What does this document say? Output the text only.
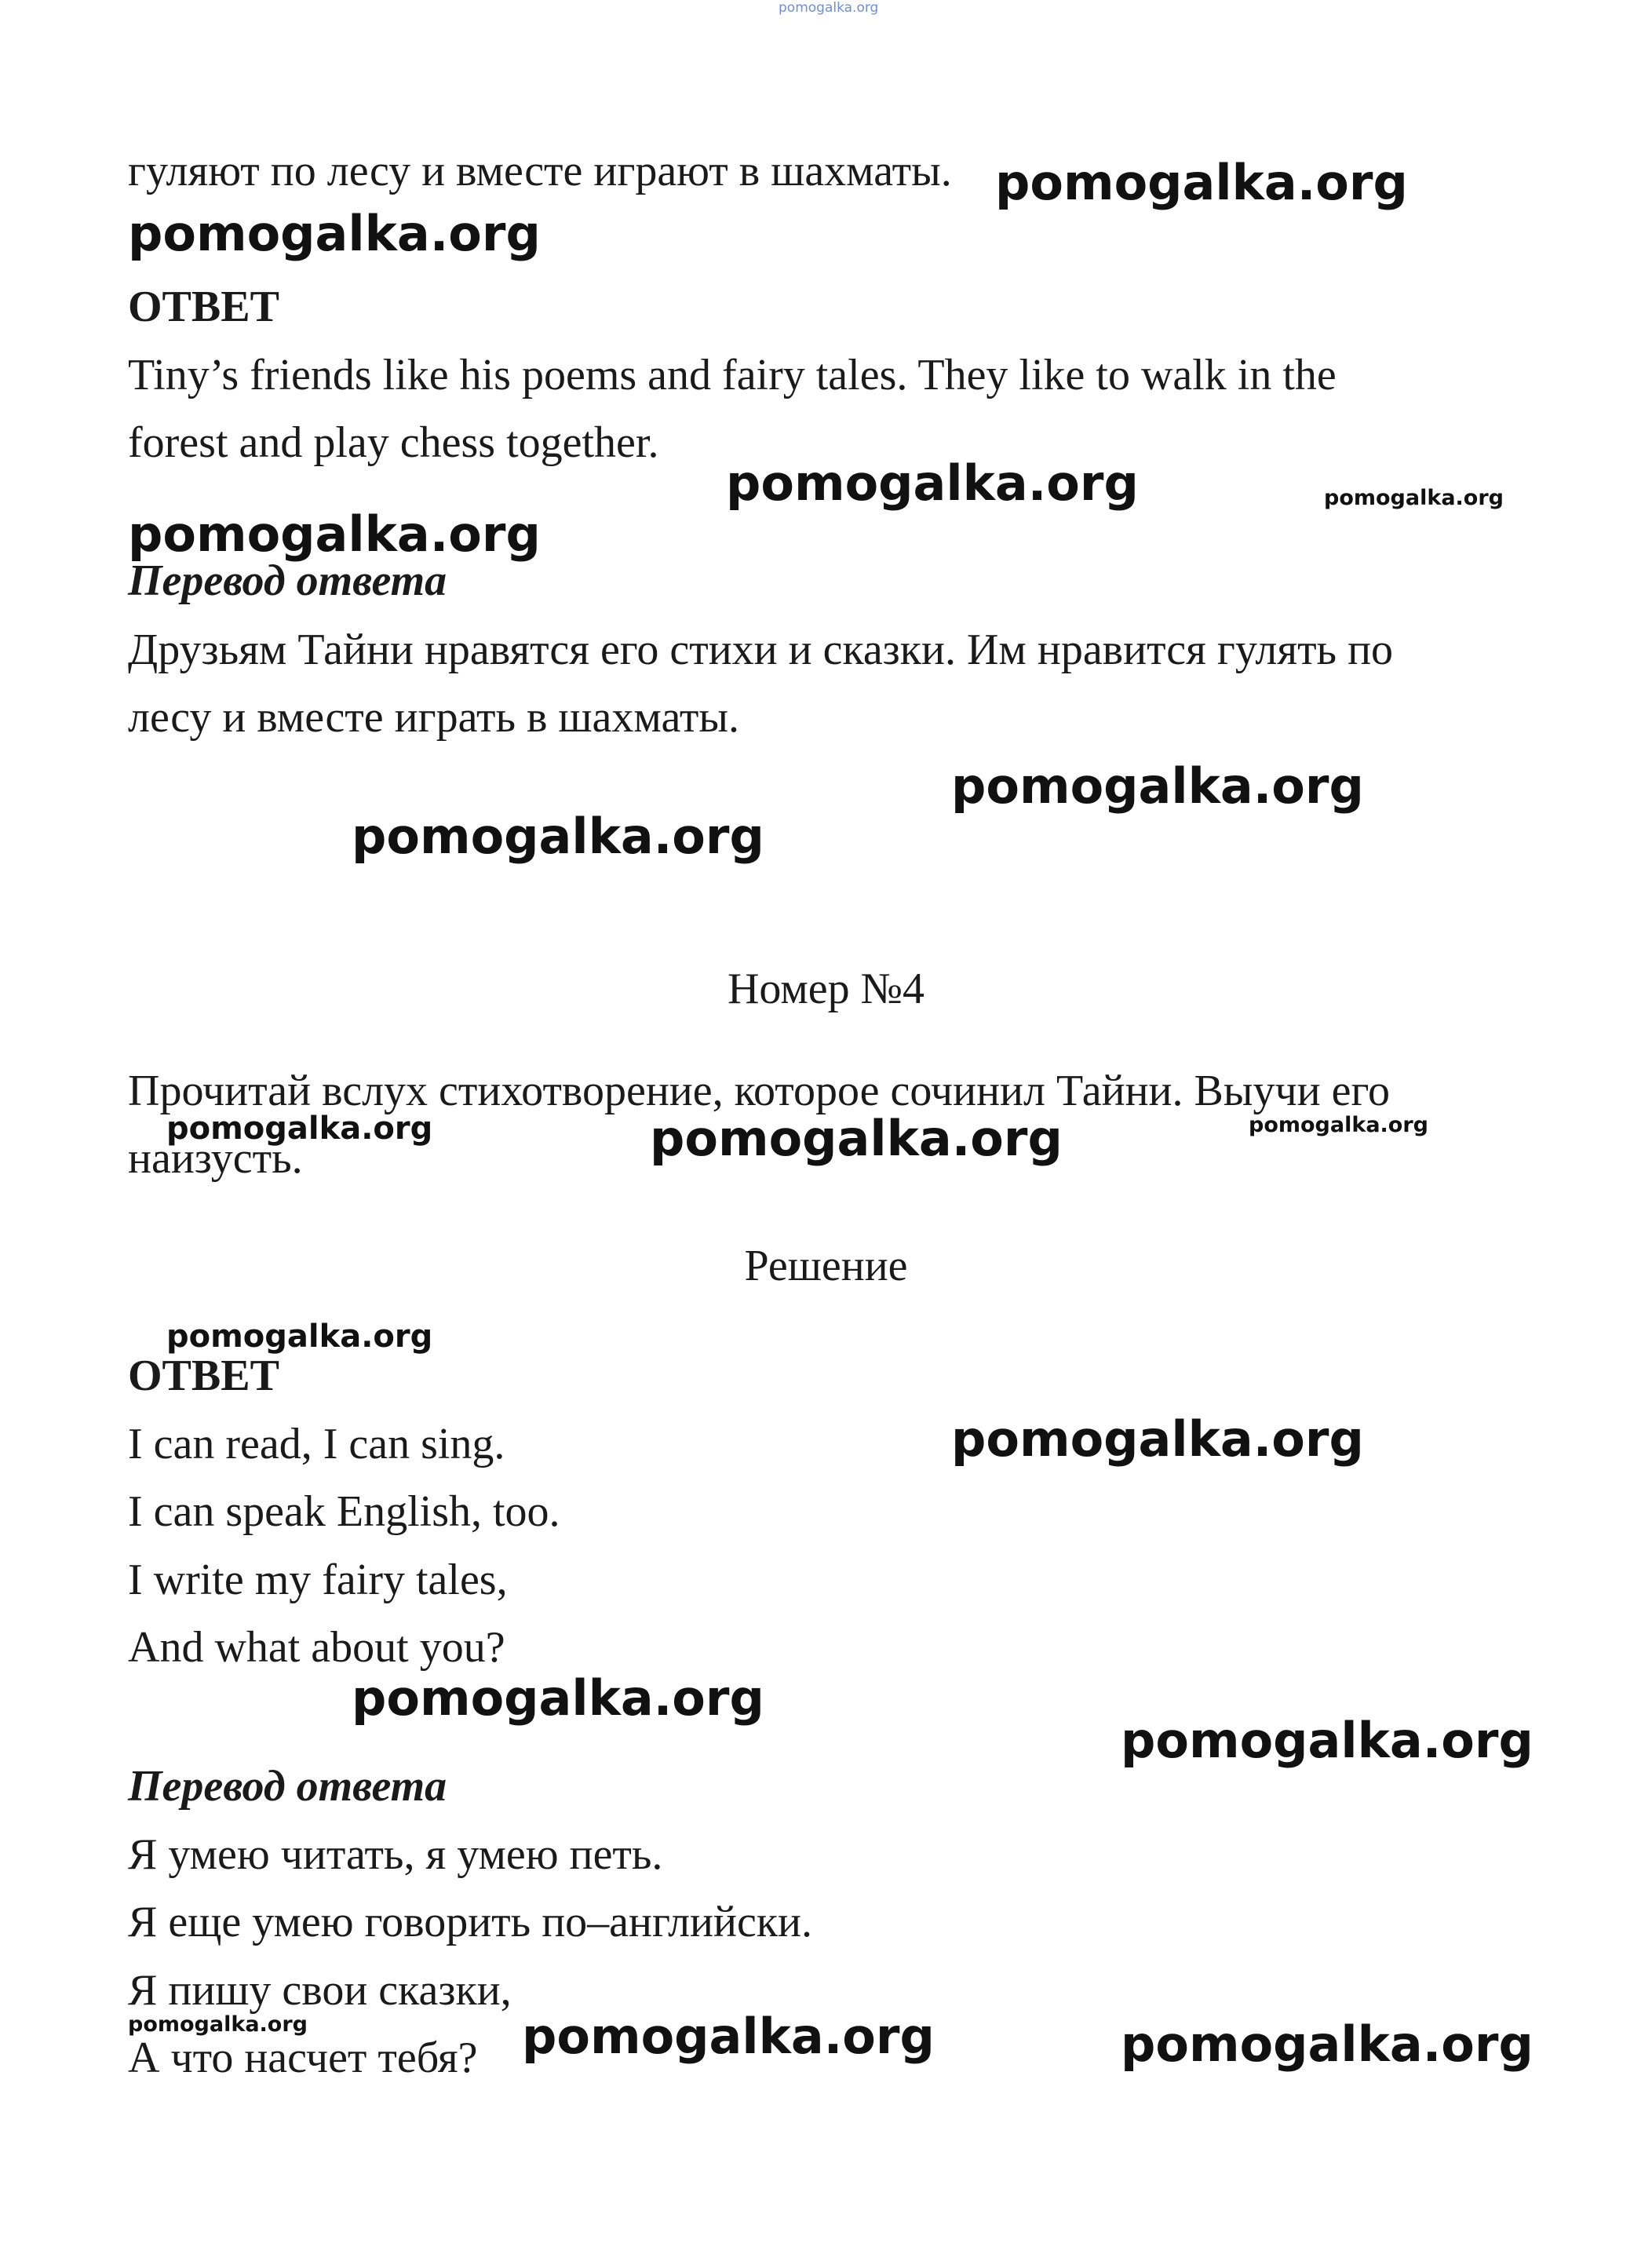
pomogalka.org
гуляют по лесу и вместе играют в шахматы.
ОТВЕТ
Tiny’s friends like his poems and fairy tales. They like to walk in the
forest and play chess together.
Перевод ответа
Друзьям Тайни нравятся его стихи и сказки. Им нравится гулять по
лесу и вместе играть в шахматы.
Номер №4
Прочитай вслух стихотворение, которое сочинил Тайни. Выучи его
наизусть.
Решение
ОТВЕТ
I can read, I can sing.
I can speak English, too.
I write my fairy tales,
And what about you?
Перевод ответа
Я умею читать, я умею петь.
Я еще умею говорить по–английски.
Я пишу свои сказки,
А что насчет тебя?
pomogalka.org
pomogalka.org
pomogalka.org	pomogalka.org
pomogalka.org
pomogalka.org
pomogalka.org
pomogalka.org	pomogalka.org	pomogalka.org
pomogalka.org
pomogalka.org
pomogalka.org
pomogalka.org
pomogalka.org	pomogalka.org	pomogalka.org
